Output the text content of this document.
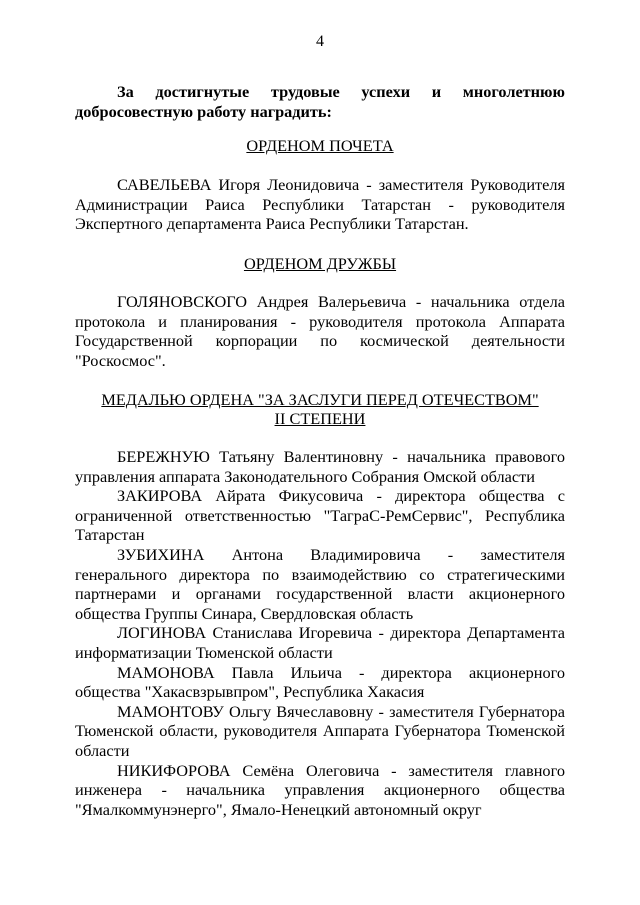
4
За достигнутые трудовые успехи и многолетнюю
добросовестную работу наградить:
ОРДЕНОМ ПОЧЕТА

САВЕЛЬЕВА Игоря Леонидовича - заместителя Руководителя Администрации Раиса Республики Татарстан - руководителя Экспертного департамента Раиса Республики Татарстан.

ОРДЕНОМ ДРУЖБЫ

ГОЛЯНОВСКОГО Андрея Валерьевича - начальника отдела протокола и планирования - руководителя протокола Аппарата Государственной корпорации по космической деятельности "Роскосмос".

МЕДАЛЬЮ ОРДЕНА "ЗА ЗАСЛУГИ ПЕРЕД ОТЕЧЕСТВОМ"
II СТЕПЕНИ

БЕРЕЖНУЮ Татьяну Валентиновну - начальника правового управления аппарата Законодательного Собрания Омской области

ЗАКИРОВА Айрата Фикусовича - директора общества с ограниченной ответственностью "ТаграС-РемСервис", Республика Татарстан

ЗУБИХИНА Антона Владимировича - заместителя генерального директора по взаимодействию со стратегическими партнерами и органами государственной власти акционерного общества Группы Синара, Свердловская область

ЛОГИНОВА Станислава Игоревича - директора Департамента информатизации Тюменской области

МАМОНОВА Павла Ильича - директора акционерного общества "Хакасвзрывпром", Республика Хакасия

МАМОНТОВУ Ольгу Вячеславовну - заместителя Губернатора Тюменской области, руководителя Аппарата Губернатора Тюменской области

НИКИФОРОВА Семёна Олеговича - заместителя главного инженера - начальника управления акционерного общества "Ямалкоммунэнерго", Ямало-Ненецкий автономный округ
